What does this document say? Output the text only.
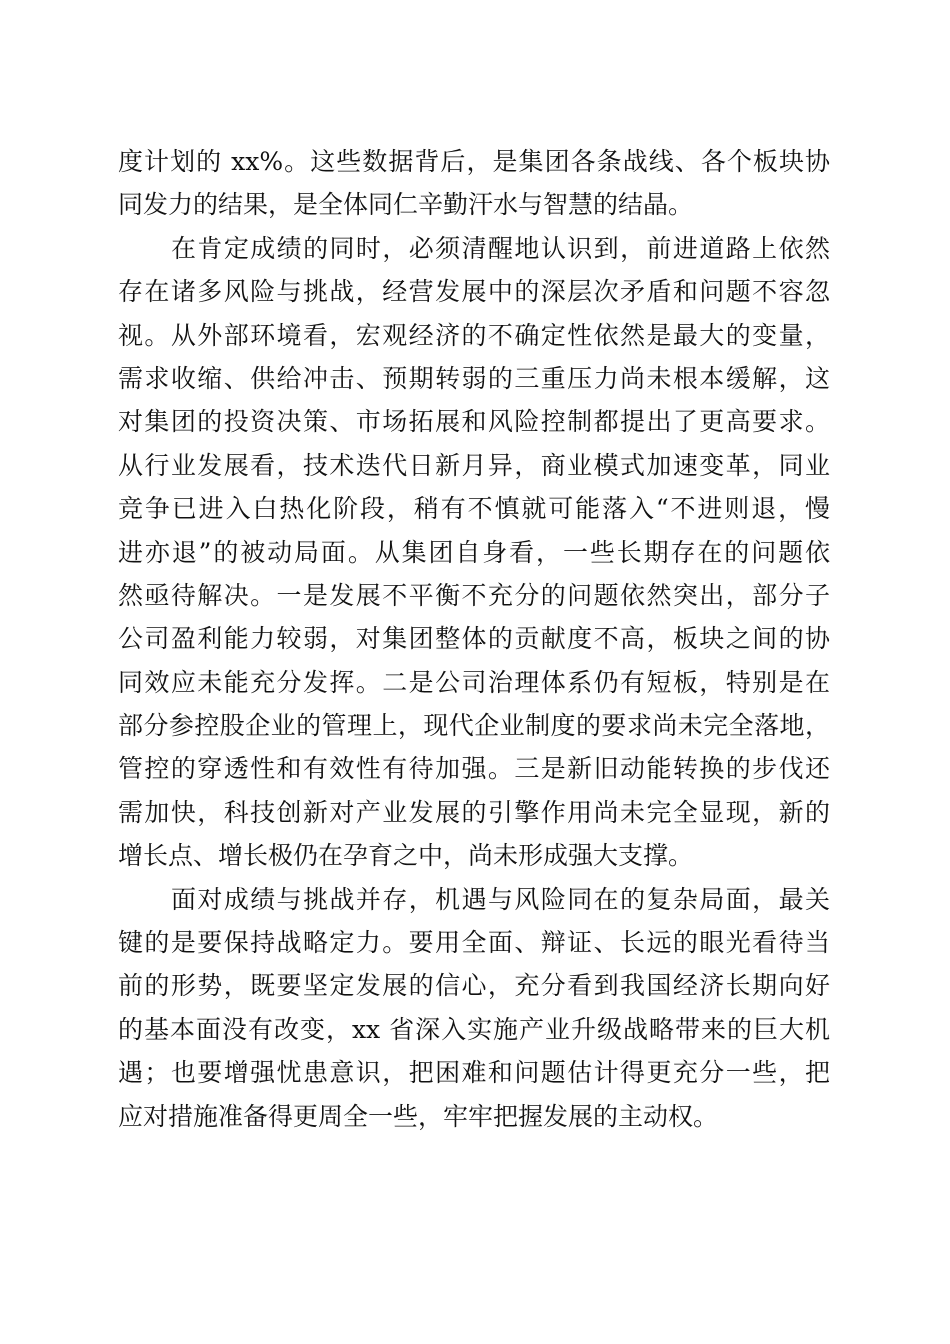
度计划的 xx%。这些数据背后，是集团各条战线、各个板块协
同发力的结果，是全体同仁辛勤汗水与智慧的结晶。
在肯定成绩的同时，必须清醒地认识到，前进道路上依然
存在诸多风险与挑战，经营发展中的深层次矛盾和问题不容忽
视。从外部环境看，宏观经济的不确定性依然是最大的变量，
需求收缩、供给冲击、预期转弱的三重压力尚未根本缓解，这
对集团的投资决策、市场拓展和风险控制都提出了更高要求。
从行业发展看，技术迭代日新月异，商业模式加速变革，同业
竞争已进入白热化阶段，稍有不慎就可能落入“不进则退，慢
进亦退”的被动局面。从集团自身看，一些长期存在的问题依
然亟待解决。一是发展不平衡不充分的问题依然突出，部分子
公司盈利能力较弱，对集团整体的贡献度不高，板块之间的协
同效应未能充分发挥。二是公司治理体系仍有短板，特别是在
部分参控股企业的管理上，现代企业制度的要求尚未完全落地，
管控的穿透性和有效性有待加强。三是新旧动能转换的步伐还
需加快，科技创新对产业发展的引擎作用尚未完全显现，新的
增长点、增长极仍在孕育之中，尚未形成强大支撑。
面对成绩与挑战并存，机遇与风险同在的复杂局面，最关
键的是要保持战略定力。要用全面、辩证、长远的眼光看待当
前的形势，既要坚定发展的信心，充分看到我国经济长期向好
的基本面没有改变，xx 省深入实施产业升级战略带来的巨大机
遇；也要增强忧患意识，把困难和问题估计得更充分一些，把
应对措施准备得更周全一些，牢牢把握发展的主动权。
